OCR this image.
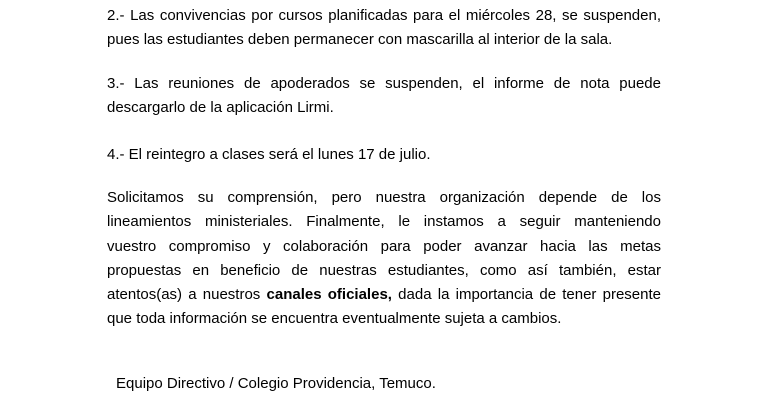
2.- Las convivencias por cursos planificadas para el miércoles 28, se suspenden,
pues las estudiantes deben permanecer con mascarilla al interior de la sala.

3.- Las reuniones de apoderados se suspenden, el informe de nota puede
descargarlo de la aplicación Lirmi.

4.- El reintegro a clases será el lunes 17 de julio.

Solicitamos su comprensión, pero nuestra organización depende de los
lineamientos ministeriales. Finalmente, le instamos a seguir manteniendo
vuestro compromiso y colaboración para poder avanzar hacia las metas
propuestas en beneficio de nuestras estudiantes, como así también, estar
atentos(as) a nuestros canales oficiales, dada la importancia de tener presente
que toda información se encuentra eventualmente sujeta a cambios.

Equipo Directivo / Colegio Providencia, Temuco.
